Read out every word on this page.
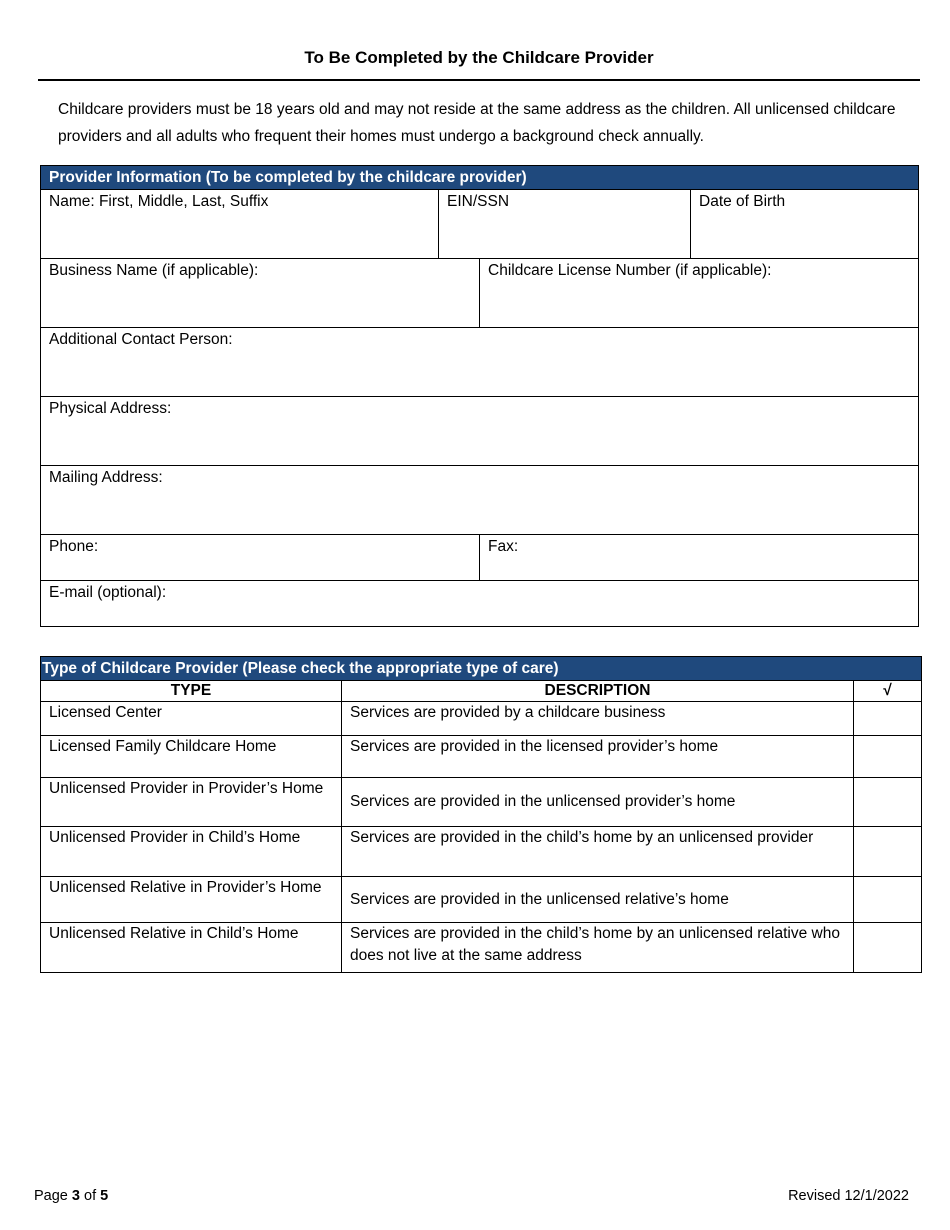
To Be Completed by the Childcare Provider
Childcare providers must be 18 years old and may not reside at the same address as the children. All unlicensed childcare providers and all adults who frequent their homes must undergo a background check annually.
Provider Information (To be completed by the childcare provider)			
Name: First, Middle, Last, Suffix	EIN/SSN		Date of Birth
Business Name (if applicable):		Childcare License Number (if applicable):	
Additional Contact Person:			
Physical Address:			
Mailing Address:			
Phone:		Fax:	
E-mail (optional):			
Type of Childcare Provider (Please check the appropriate type of care)		
TYPE	DESCRIPTION	√
Licensed Center	Services are provided by a childcare business	
Licensed Family Childcare Home	Services are provided in the licensed provider’s home	
Unlicensed Provider in Provider’s Home	Services are provided in the unlicensed provider’s home	
Unlicensed Provider in Child’s Home	Services are provided in the child’s home by an unlicensed provider	
Unlicensed Relative in Provider’s Home	Services are provided in the unlicensed relative’s home	
Unlicensed Relative in Child’s Home	Services are provided in the child’s home by an unlicensed relative who does not live at the same address	
Page 3 of 5	Revised 12/1/2022
